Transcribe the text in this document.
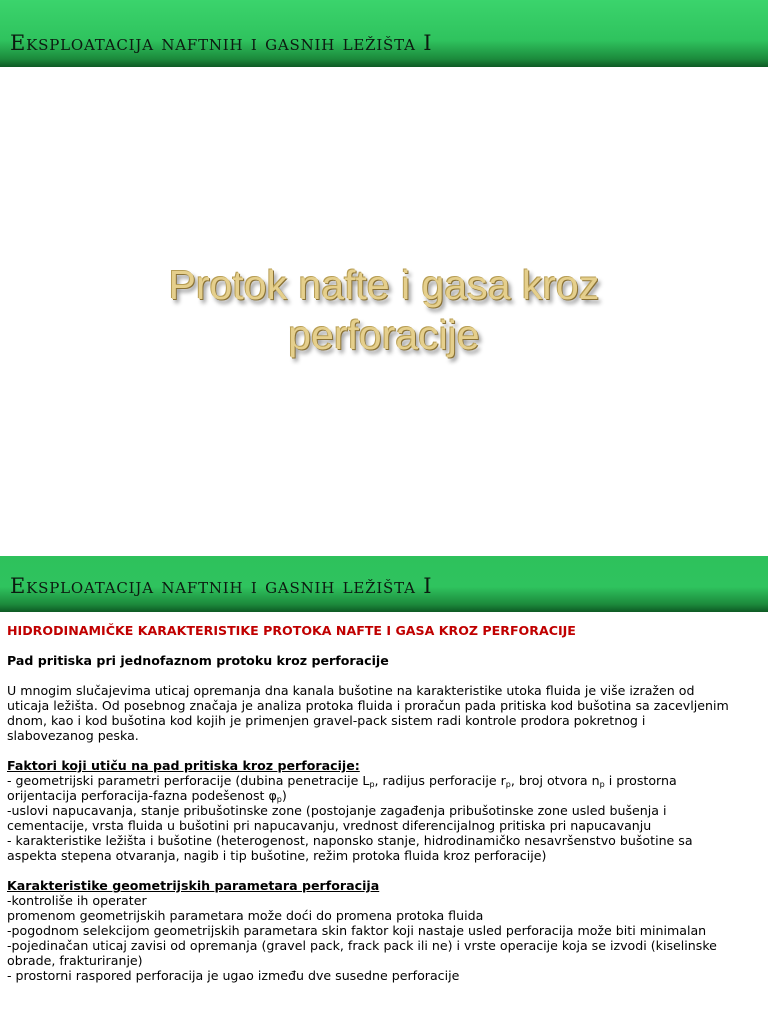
Eksploatacija naftnih i gasnih ležišta I
Protok nafte i gasa kroz
perforacije
Eksploatacija naftnih i gasnih ležišta I
HIDRODINAMIČKE KARAKTERISTIKE PROTOKA NAFTE I GASA KROZ PERFORACIJE
Pad pritiska pri jednofaznom protoku kroz perforacije
U mnogim slučajevima uticaj opremanja dna kanala bušotine na karakteristike utoka fluida je više izražen od
uticaja ležišta. Od posebnog značaja je analiza protoka fluida i proračun pada pritiska kod bušotina sa zacevljenim
dnom, kao i kod bušotina kod kojih je primenjen gravel-pack sistem radi kontrole prodora pokretnog i
slabovezanog peska.
Faktori koji utiču na pad pritiska kroz perforacije:
- geometrijski parametri perforacije (dubina penetracije $L_p$, radijus perforacije $r_p$, broj otvora $n_p$ i prostorna
orijentacija perforacija-fazna podešenost $\varphi_p$)
-uslovi napucavanja, stanje pribušotinske zone (postojanje zagađenja pribušotinske zone usled bušenja i
cementacije, vrsta fluida u bušotini pri napucavanju, vrednost diferencijalnog pritiska pri napucavanju
- karakteristike ležišta i bušotine (heterogenost, naponsko stanje, hidrodinamičko nesavršenstvo bušotine sa
aspekta stepena otvaranja, nagib i tip bušotine, režim protoka fluida kroz perforacije)
Karakteristike geometrijskih parametara perforacija
-kontroliše ih operater
promenom geometrijskih parametara može doći do promena protoka fluida
-pogodnom selekcijom geometrijskih parametara skin faktor koji nastaje usled perforacija može biti minimalan
-pojedinačan uticaj zavisi od opremanja (gravel pack, frack pack ili ne) i vrste operacije koja se izvodi (kiselinske
obrade, frakturiranje)
- prostorni raspored perforacija je ugao između dve susedne perforacije
